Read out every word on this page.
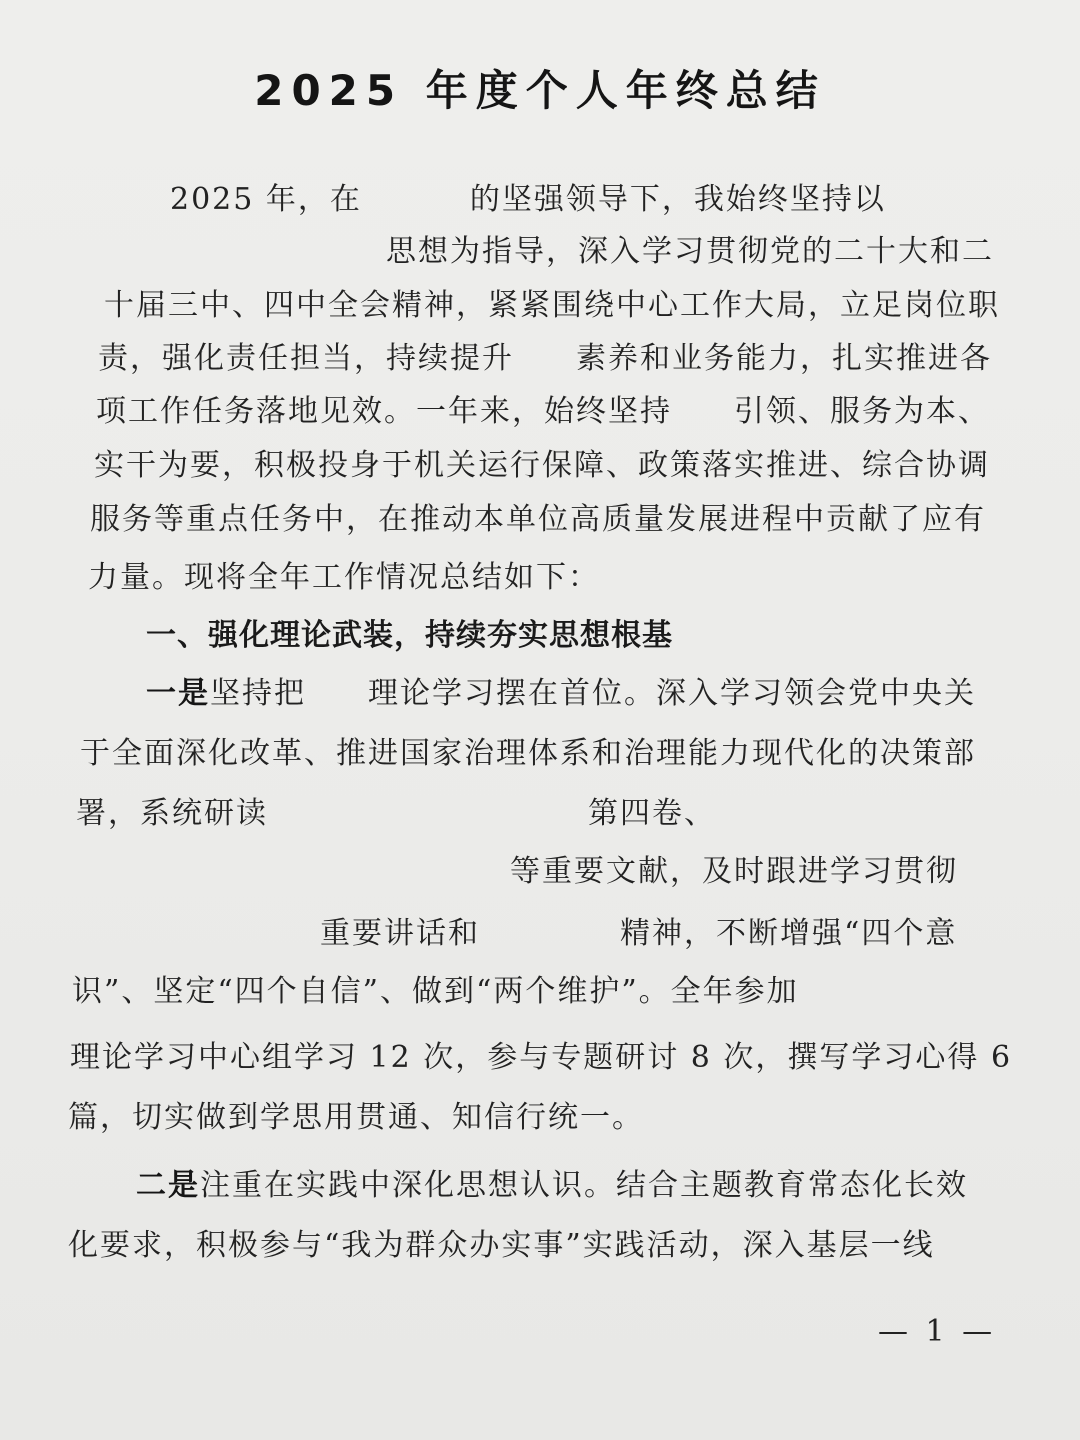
2025 年度个人年终总结
2025 年，在	的坚强领导下，我始终坚持以
思想为指导，深入学习贯彻党的二十大和二
十届三中、四中全会精神，紧紧围绕中心工作大局，立足岗位职
责，强化责任担当，持续提升 素养和业务能力，扎实推进各
项工作任务落地见效。一年来，始终坚持 引领、服务为本、
实干为要，积极投身于机关运行保障、政策落实推进、综合协调
服务等重点任务中，在推动本单位高质量发展进程中贡献了应有
力量。现将全年工作情况总结如下：
一、强化理论武装，持续夯实思想根基
一是坚持把 理论学习摆在首位。深入学习领会党中央关
于全面深化改革、推进国家治理体系和治理能力现代化的决策部
署，系统研读	第四卷、
等重要文献，及时跟进学习贯彻
重要讲话和	精神，不断增强“四个意
识”、坚定“四个自信”、做到“两个维护”。全年参加
理论学习中心组学习 12 次，参与专题研讨 8 次，撰写学习心得 6
篇，切实做到学思用贯通、知信行统一。
二是注重在实践中深化思想认识。结合主题教育常态化长效
化要求，积极参与“我为群众办实事”实践活动，深入基层一线
— 1 —
